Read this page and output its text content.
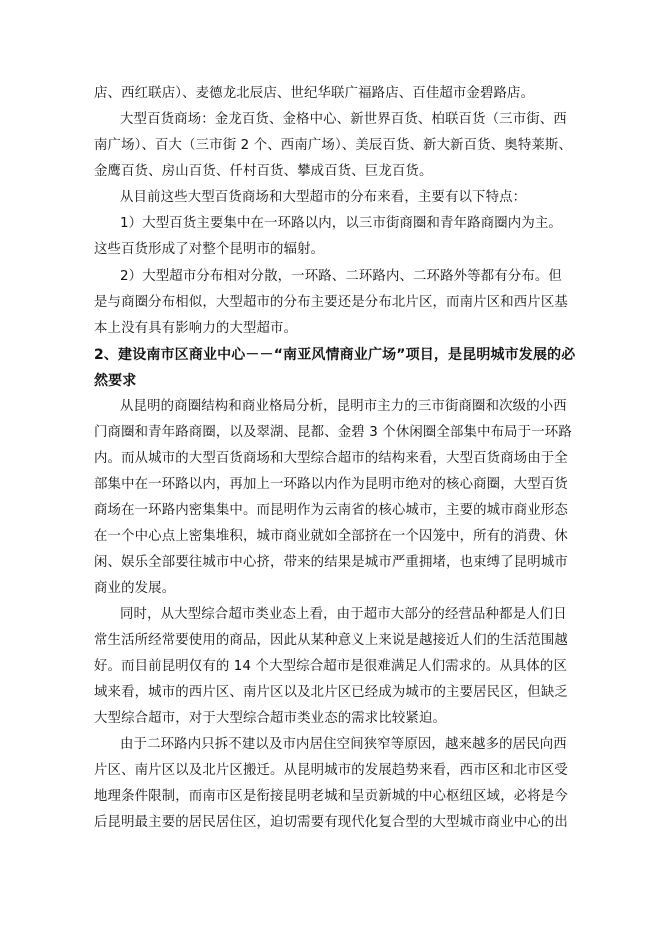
店、西红联店）、麦德龙北辰店、世纪华联广福路店、百佳超市金碧路店。
大型百货商场：金龙百货、金格中心、新世界百货、柏联百货（三市街、西
南广场）、百大（三市街 2 个、西南广场）、美辰百货、新大新百货、奥特莱斯、
金鹰百货、房山百货、仟村百货、攀成百货、巨龙百货。
从目前这些大型百货商场和大型超市的分布来看，主要有以下特点：
1）大型百货主要集中在一环路以内，以三市街商圈和青年路商圈内为主。
这些百货形成了对整个昆明市的辐射。
2）大型超市分布相对分散，一环路、二环路内、二环路外等都有分布。但
是与商圈分布相似，大型超市的分布主要还是分布北片区，而南片区和西片区基
本上没有具有影响力的大型超市。
2、建设南市区商业中心－－“南亚风情商业广场”项目，是昆明城市发展的必
然要求
从昆明的商圈结构和商业格局分析，昆明市主力的三市街商圈和次级的小西
门商圈和青年路商圈，以及翠湖、昆都、金碧 3 个休闲圈全部集中布局于一环路
内。而从城市的大型百货商场和大型综合超市的结构来看，大型百货商场由于全
部集中在一环路以内，再加上一环路以内作为昆明市绝对的核心商圈，大型百货
商场在一环路内密集集中。而昆明作为云南省的核心城市，主要的城市商业形态
在一个中心点上密集堆积，城市商业就如全部挤在一个囚笼中，所有的消费、休
闲、娱乐全部要往城市中心挤，带来的结果是城市严重拥堵，也束缚了昆明城市
商业的发展。
同时，从大型综合超市类业态上看，由于超市大部分的经营品种都是人们日
常生活所经常要使用的商品，因此从某种意义上来说是越接近人们的生活范围越
好。而目前昆明仅有的 14 个大型综合超市是很难满足人们需求的。从具体的区
域来看，城市的西片区、南片区以及北片区已经成为城市的主要居民区，但缺乏
大型综合超市，对于大型综合超市类业态的需求比较紧迫。
由于二环路内只拆不建以及市内居住空间狭窄等原因，越来越多的居民向西
片区、南片区以及北片区搬迁。从昆明城市的发展趋势来看，西市区和北市区受
地理条件限制，而南市区是衔接昆明老城和呈贡新城的中心枢纽区域，必将是今
后昆明最主要的居民居住区，迫切需要有现代化复合型的大型城市商业中心的出
